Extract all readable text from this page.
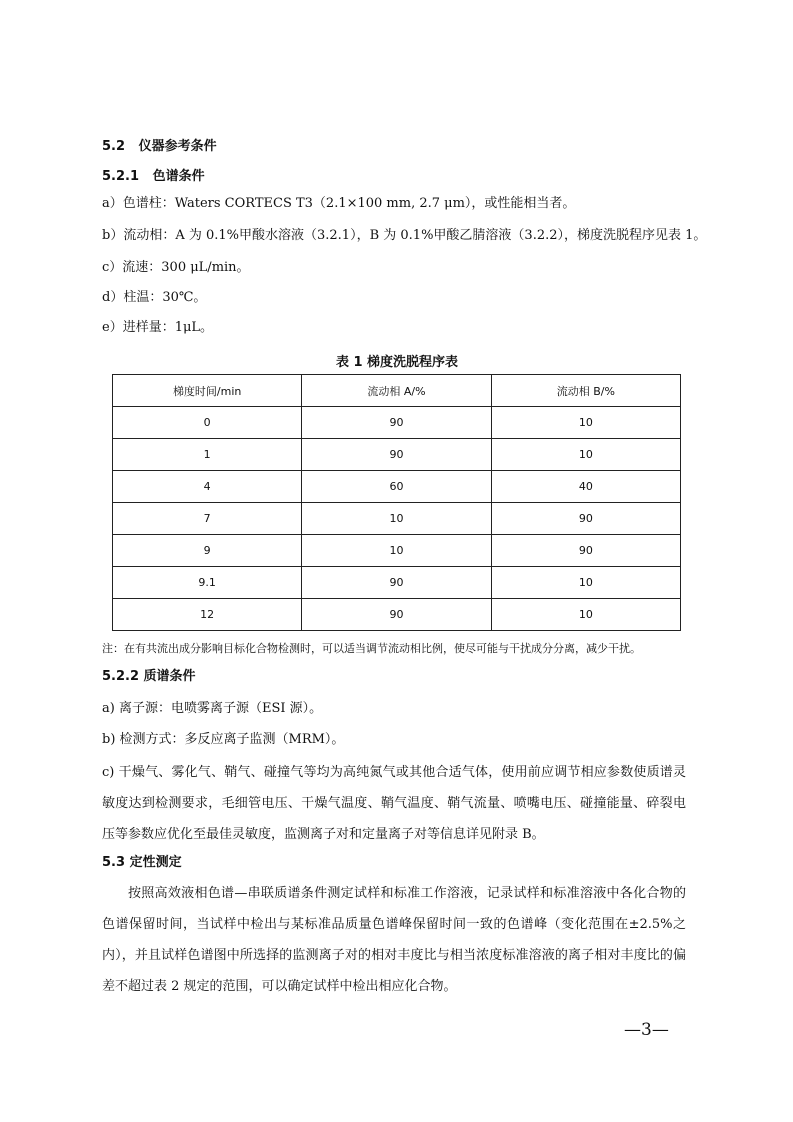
5.2 仪器参考条件
5.2.1 色谱条件
a）色谱柱：Waters CORTECS T3（2.1×100 mm, 2.7 μm），或性能相当者。
b）流动相：A 为 0.1%甲酸水溶液（3.2.1），B 为 0.1%甲酸乙腈溶液（3.2.2），梯度洗脱程序见表 1。
c）流速：300 μL/min。
d）柱温：30℃。
e）进样量：1μL。
表 1 梯度洗脱程序表
梯度时间/min	流动相 A/%	流动相 B/%
0	90	10
1	90	10
4	60	40
7	10	90
9	10	90
9.1	90	10
12	90	10
注：在有共流出成分影响目标化合物检测时，可以适当调节流动相比例，使尽可能与干扰成分分离，减少干扰。
5.2.2 质谱条件
a) 离子源：电喷雾离子源（ESI 源）。
b) 检测方式：多反应离子监测（MRM）。
c) 干燥气、雾化气、鞘气、碰撞气等均为高纯氮气或其他合适气体，使用前应调节相应参数使质谱灵敏度达到检测要求，毛细管电压、干燥气温度、鞘气温度、鞘气流量、喷嘴电压、碰撞能量、碎裂电压等参数应优化至最佳灵敏度，监测离子对和定量离子对等信息详见附录 B。
5.3 定性测定
按照高效液相色谱—串联质谱条件测定试样和标准工作溶液，记录试样和标准溶液中各化合物的色谱保留时间，当试样中检出与某标准品质量色谱峰保留时间一致的色谱峰（变化范围在±2.5%之内），并且试样色谱图中所选择的监测离子对的相对丰度比与相当浓度标准溶液的离子相对丰度比的偏差不超过表 2 规定的范围，可以确定试样中检出相应化合物。
—3—
